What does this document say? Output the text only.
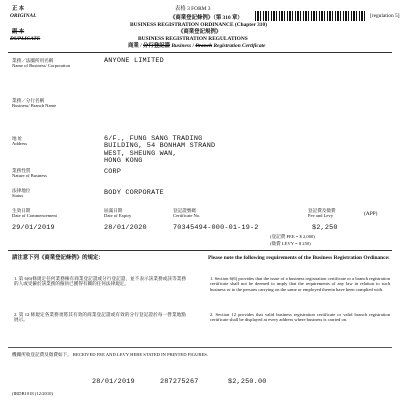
正 本
ORIGINAL
副 本
DUPLICATE
表格 3 FORM 3
[regulation 5]
《商業登記條例》（第 310 章）
BUSINESS REGISTRATION ORDINANCE (Chapter 310)
《商業登記規例》
BUSINESS REGISTRATION REGULATIONS
商業 / 分行登記證 Business / Branch Registration Certificate
業務／法團所用名稱
Name of Business/ Corporation
ANYONE LIMITED
業務／分行名稱
Business/ Branch Name
地 址
Address
6/F., FUNG SANG TRADING
BUILDING, 54 BONHAM STRAND
WEST, SHEUNG WAN,
HONG KONG
業務性質
Nature of Business	CORP
法律地位
Status	BODY CORPORATE
生效日期
Date of Commencement
29/01/2019
屆滿日期
Date of Expiry
28/01/2020
登記證號碼
Certificate No.
70345494-000-01-19-2
登記費及徵費
Fee and Levy	(APP)
$2,250
(登記費 FEE = $ 2,000)
(徵費 LEVY = $ 250)
請注意下列《商業登記條例》的規定：	Please note the following requirements of the Business Registration Ordinance:
1. 第 6(6)條規定任何業務擁有商業登記證或分行登記證，並不表示該業務或該等業務的人或受僱於該業務的僱員已獲得有關的任何法律規定。
2. 第 12 條規定各業務須將其有效的商業登記證或有效的分行登記證於每一營業地點展示。
1. Section 6(6) provides that the issue of a business registration certificate or a branch registration certificate shall not be deemed to imply that the requirements of any law in relation to such business or to the persons carrying on the same or employed therein have been complied with.
2. Section 12 provides that valid business registration certificate or valid branch registration certificate shall be displayed at every address where business is carried on.
機關所收登記費及徵費如下。 RECEIVED FEE AND LEVY HERE STATED IN PRINTED FIGURES.
28/01/2019	287275267	$2,250.00
(IRDB1018 (12/2010)
